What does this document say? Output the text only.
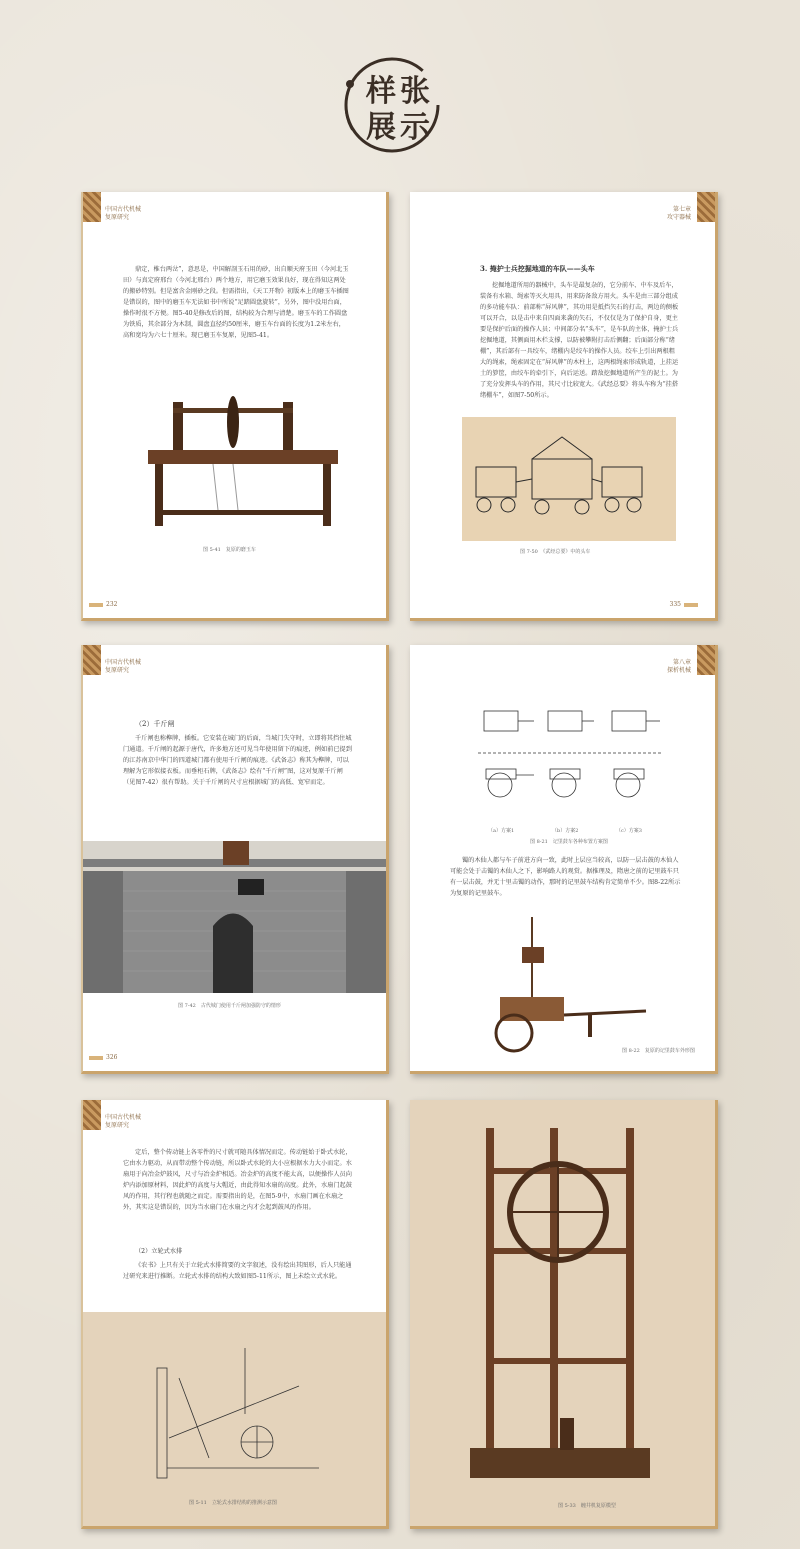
样张
展示
中国古代机械
复原研究
鼎定，椎台两岔”，意思是，中国解剖玉石用的砂，出自顺天府玉田（今河北玉田）与真定府邢台（今河北邢台）两个地方，用它磨玉效果良好，现在得知这两处的搬砂特别。但是富含金刚砂之段。但需指出，《天工开物》初版本上的磨玉车插图是错误的，图中的磨玉车无法如书中所说“足踏圆盘旋转”，另外，图中没用台面，操作时很不方便。图5-40是修改后的图，结构较为合理与清楚。磨玉车的工作圆盘为铁质，其余部分为木制，圆盘直径约50厘米，磨玉车台面的长度为1.2米左右，高和宽均为六七十厘米。现已磨玉车复原，见图5-41。
图 5-41　复原的磨玉车
232
第七章
攻守器械
3. 掩护士兵挖掘地道的车队——头车
挖掘地道所用的器械中，头车是最复杂的，它分前车、中车及后车，装备有水箱、绳索等灭火用具，用来防备敌方用火。头车是由三部分组成的多功能车队：前部称“屏风牌”，其功用是抵挡矢石的打击，两边的侧板可以开合，以是击中来自四面来袭的矢石，不仅仅是为了保护自身，更主要是保护后面的操作人员；中间部分名“头车”，是车队的主体，掩护士兵挖掘地道，其侧面用木栏支撑，以防被攀附打击后侧翻；后面部分称“绪棚”，其后部有一具绞车，绪棚内是绞车的操作人员。绞车上引出两根粗大的绳索，绳索固定在“屏风牌”的木柱上，这两根绳索形成轨道，上挂运土的箩筐，由绞车的牵引下，向后运送。踏敌挖掘地道所产生的泥土。为了充分发挥头车的作用，其尺寸比较宽大。《武经总要》将头车称为“挂搭绪棚车”，如图7-50所示。
图 7-50　《武经总要》中的头车
335
中国古代机械
复原研究
（2）千斤闸
千斤闸也称榫牌，插板。它安装在城门的后面，当城门失守时，立即将其挡住城门通道。千斤闸的起源于唐代，许多地方还可见当年使用留下的痕迹，例如前已提到的江苏南京中华门的四道城门都有使用千斤闸的痕迹。《武备志》称其为榫牌，可以理解为它形似接衣板。而垂柜石牌，《武备志》绘有“千斤闸”图，这对复原千斤闸（见图7-42）很有帮助。关于千斤闸的尺寸应根据城门的高低、宽窄而定。
图 7-42　古代城门使用千斤闸加强防守的情形
326
第八章
探析机械
（a）方案1	（b）方案2	（c）方案3
图 8-21　记里鼓车各种布置方案图
镯的木仙人都与车子前进方向一致，此时上层应当较高，以防一层击鼓的木仙人可能会处于击镯的木仙人之下，影响路人的观赏。据推理及，隋唐之前的记里鼓车只有一层击鼓，并无十里击镯的动作，那时的记里鼓车结构肯定简单不少。图8-22所示为复原的记里鼓车。
图 8-22　复原的记里鼓车外形图
中国古代机械
复原研究
定后，整个传动链上各零件的尺寸就可随具体情况而定。传动链始于卧式水轮，它由水力驱动，从而带动整个传动链，所以卧式水轮的大小应根据水力大小而定。水扇用于向冶金炉鼓风，尺寸与冶金炉相适。冶金炉的高度不能太高，以便操作人员向炉内添加原材料，因此炉的高度与大帽近，由此得知水扇的高度。此外，水扇门起鼓风的作用，其行程也就随之而定。需要指出的是，在图5-9中，水扇门画在水扇之外，其实这是错误的，因为当水扇门在水扇之内才会起到鼓风的作用。
（2）立轮式水排
《农书》上只有关于立轮式水排简要的文字叙述，没有绘出其图形，后人只能通过研究来进行推断。立轮式水排的结构大致如图5-11所示，图上未绘立式水轮。
图 5-11　立轮式水排结构的推测示意图	图 5-33　缠井机复原模型
